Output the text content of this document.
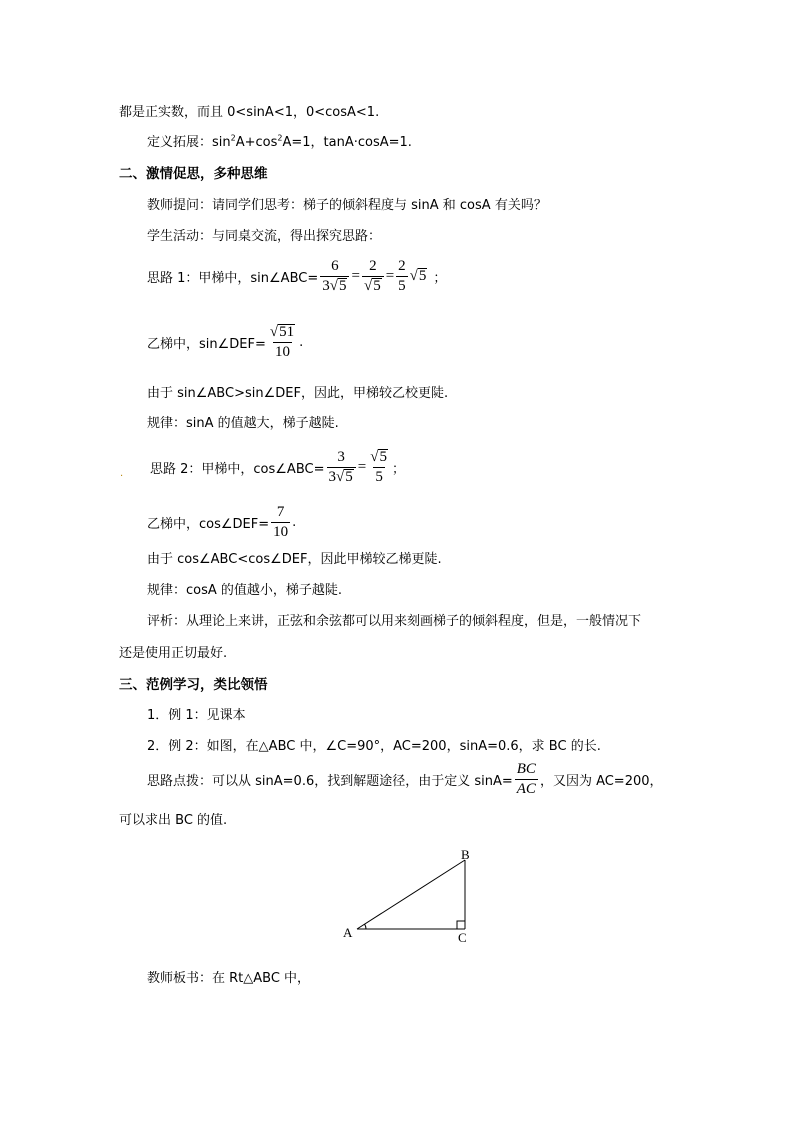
都是正实数，而且 0<sinA<1，0<cosA<1.
定义拓展：$\sin^2A+\cos^2A=1$，tanA·cosA=1.
二、激情促思，多种思维
教师提问：请同学们思考：梯子的倾斜程度与 sinA 和 cosA 有关吗？
学生活动：与同桌交流，得出探究思路：
思路 1：甲梯中，sin∠ABC= $\frac{6}{3 √ 5} = \frac{2}{√ 5} = \frac{2}{5}$ √ 5 ；
乙梯中，sin∠DEF= $\frac{√ 51}{10}$ .
由于 sin∠ABC>sin∠DEF，因此，甲梯较乙校更陡.
规律：sinA 的值越大，梯子越陡.
. 思路 2：甲梯中，cos∠ABC= $\frac{3}{3 √ 5} = \frac{√ 5}{5}$ ；
乙梯中，cos∠DEF= $\frac{7}{10}$ .
由于 cos∠ABC<cos∠DEF，因此甲梯较乙梯更陡.
规律：cosA 的值越小，梯子越陡.
评析：从理论上来讲，正弦和余弦都可以用来刻画梯子的倾斜程度，但是，一般情况下
还是使用正切最好.
三、范例学习，类比领悟
1．例 1：见课本
2．例 2：如图，在△ABC 中，∠C=90°，AC=200，sinA=0.6，求 BC 的长.
思路点拨：可以从 sinA=0.6，找到解题途径，由于定义 $\sin A= \frac{BC}{AC}$ ，又因为 AC=200，
可以求出 BC 的值.
A
B
C
教师板书：在 Rt△ABC 中，
